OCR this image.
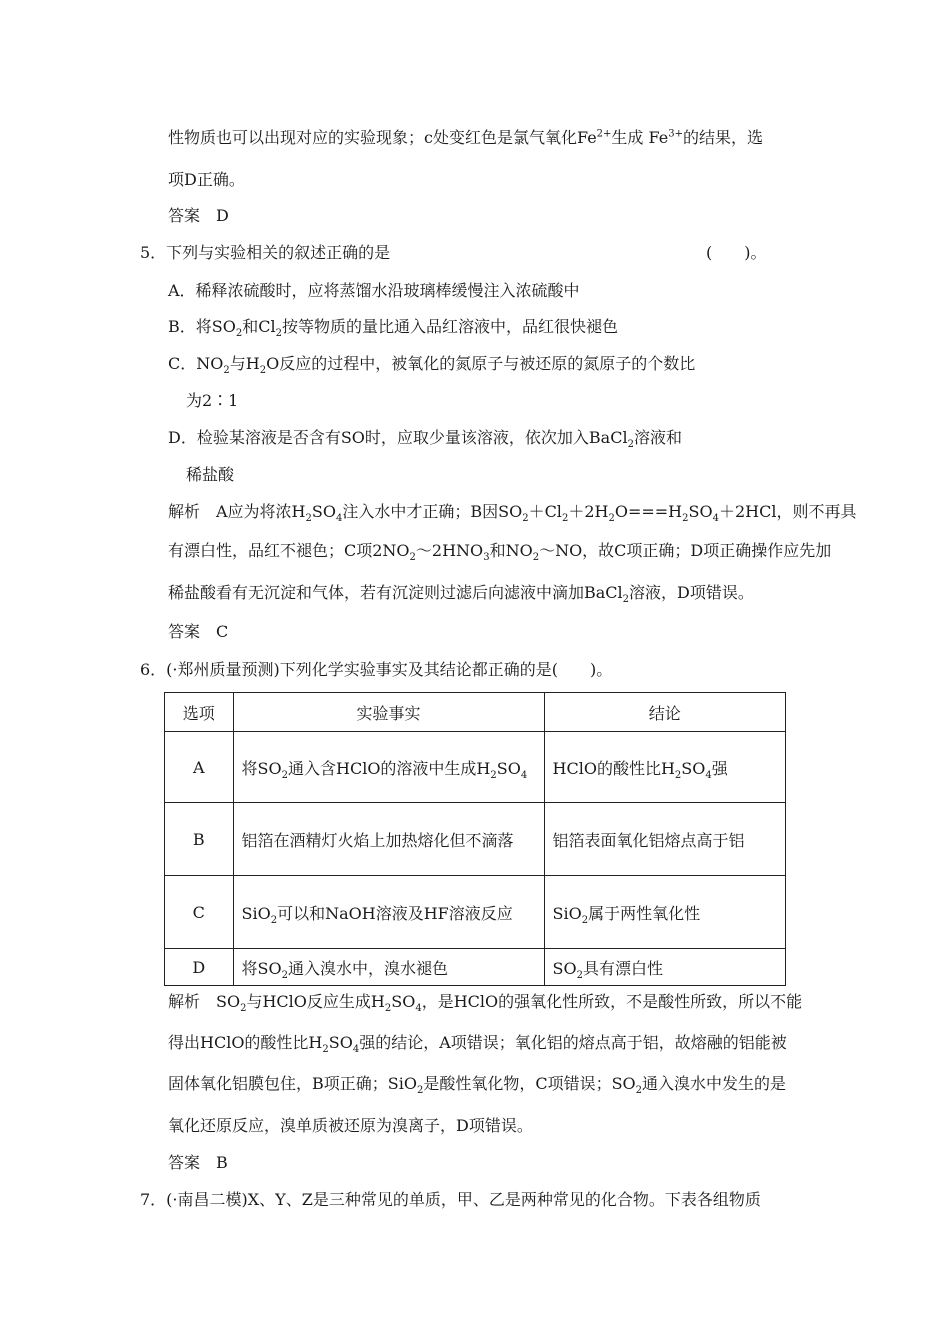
性物质也可以出现对应的实验现象；c处变红色是氯气氧化$Fe^{2+}$生成 $Fe^{3+}$的结果，选
项D正确。
答案　D
5．下列与实验相关的叙述正确的是	(　　)。
A．稀释浓硫酸时，应将蒸馏水沿玻璃棒缓慢注入浓硫酸中
B．将$SO_2$和$Cl_2$按等物质的量比通入品红溶液中，品红很快褪色
C．$NO_2$与$H_2O$反应的过程中，被氧化的氮原子与被还原的氮原子的个数比
为2∶1
D．检验某溶液是否含有SO时，应取少量该溶液，依次加入BaCl$_2$溶液和
稀盐酸
解析　A应为将浓$H_2SO_4$注入水中才正确；B因$SO_2+Cl_2+2H_2O===H_2SO_4+2HCl$，则不再具
有漂白性，品红不褪色；C项$2NO_2\sim 2HNO_3$和$NO_2\sim NO$，故C项正确；D项正确操作应先加
稀盐酸看有无沉淀和气体，若有沉淀则过滤后向滤液中滴加BaCl$_2$溶液，D项错误。
答案　C
6．(·郑州质量预测)下列化学实验事实及其结论都正确的是(　　)。
选项	实验事实	结论
A	将$SO_2$通入含HClO的溶液中生成$H_2SO_4$	HClO的酸性比$H_2SO_4$强
B	铝箔在酒精灯火焰上加热熔化但不滴落	铝箔表面氧化铝熔点高于铝
C	SiO$_2$可以和NaOH溶液及HF溶液反应	SiO$_2$属于两性氧化性
D	将$SO_2$通入溴水中，溴水褪色	$SO_2$具有漂白性
解析　$SO_2$与HClO反应生成$H_2SO_4$，是HClO的强氧化性所致，不是酸性所致，所以不能
得出HClO的酸性比$H_2SO_4$强的结论，A项错误；氧化铝的熔点高于铝，故熔融的铝能被
固体氧化铝膜包住，B项正确；SiO$_2$是酸性氧化物，C项错误；$SO_2$通入溴水中发生的是
氧化还原反应，溴单质被还原为溴离子，D项错误。
答案　B
7．(·南昌二模)X、Y、Z是三种常见的单质，甲、乙是两种常见的化合物。下表各组物质
